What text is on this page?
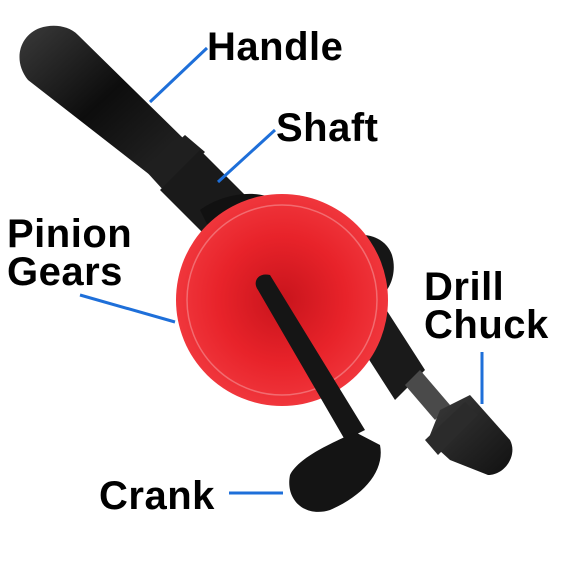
Handle
Shaft
Pinion
Gears	Drill
Chuck
Crank
